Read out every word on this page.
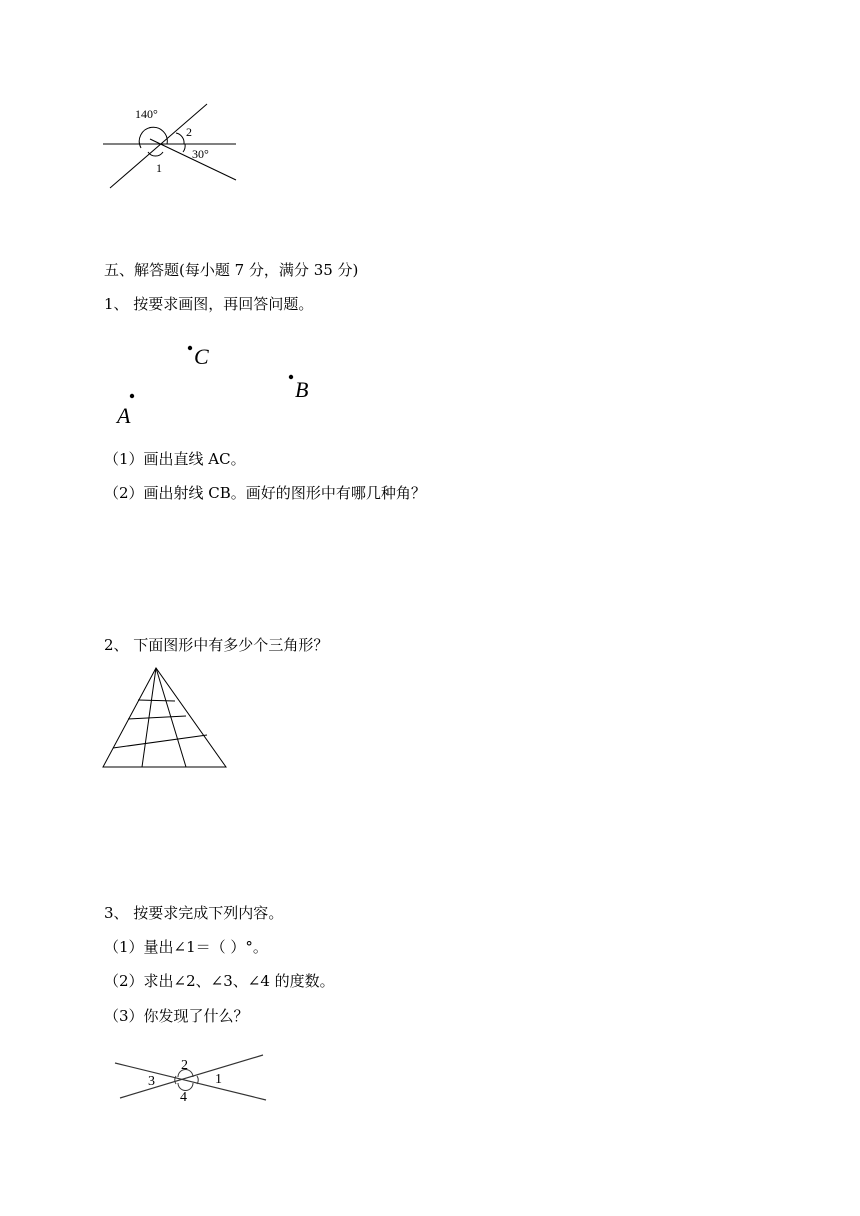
140°
2
30°
1
五、解答题(每小题 7 分，满分 35 分)
1、 按要求画图，再回答问题。
C
B
A
（1）画出直线 AC。
（2）画出射线 CB。画好的图形中有哪几种角？
2、 下面图形中有多少个三角形？
3、 按要求完成下列内容。
（1）量出∠1＝（ ）°。
（2）求出∠2、∠3、∠4 的度数。
（3）你发现了什么？
2
3	1
4
